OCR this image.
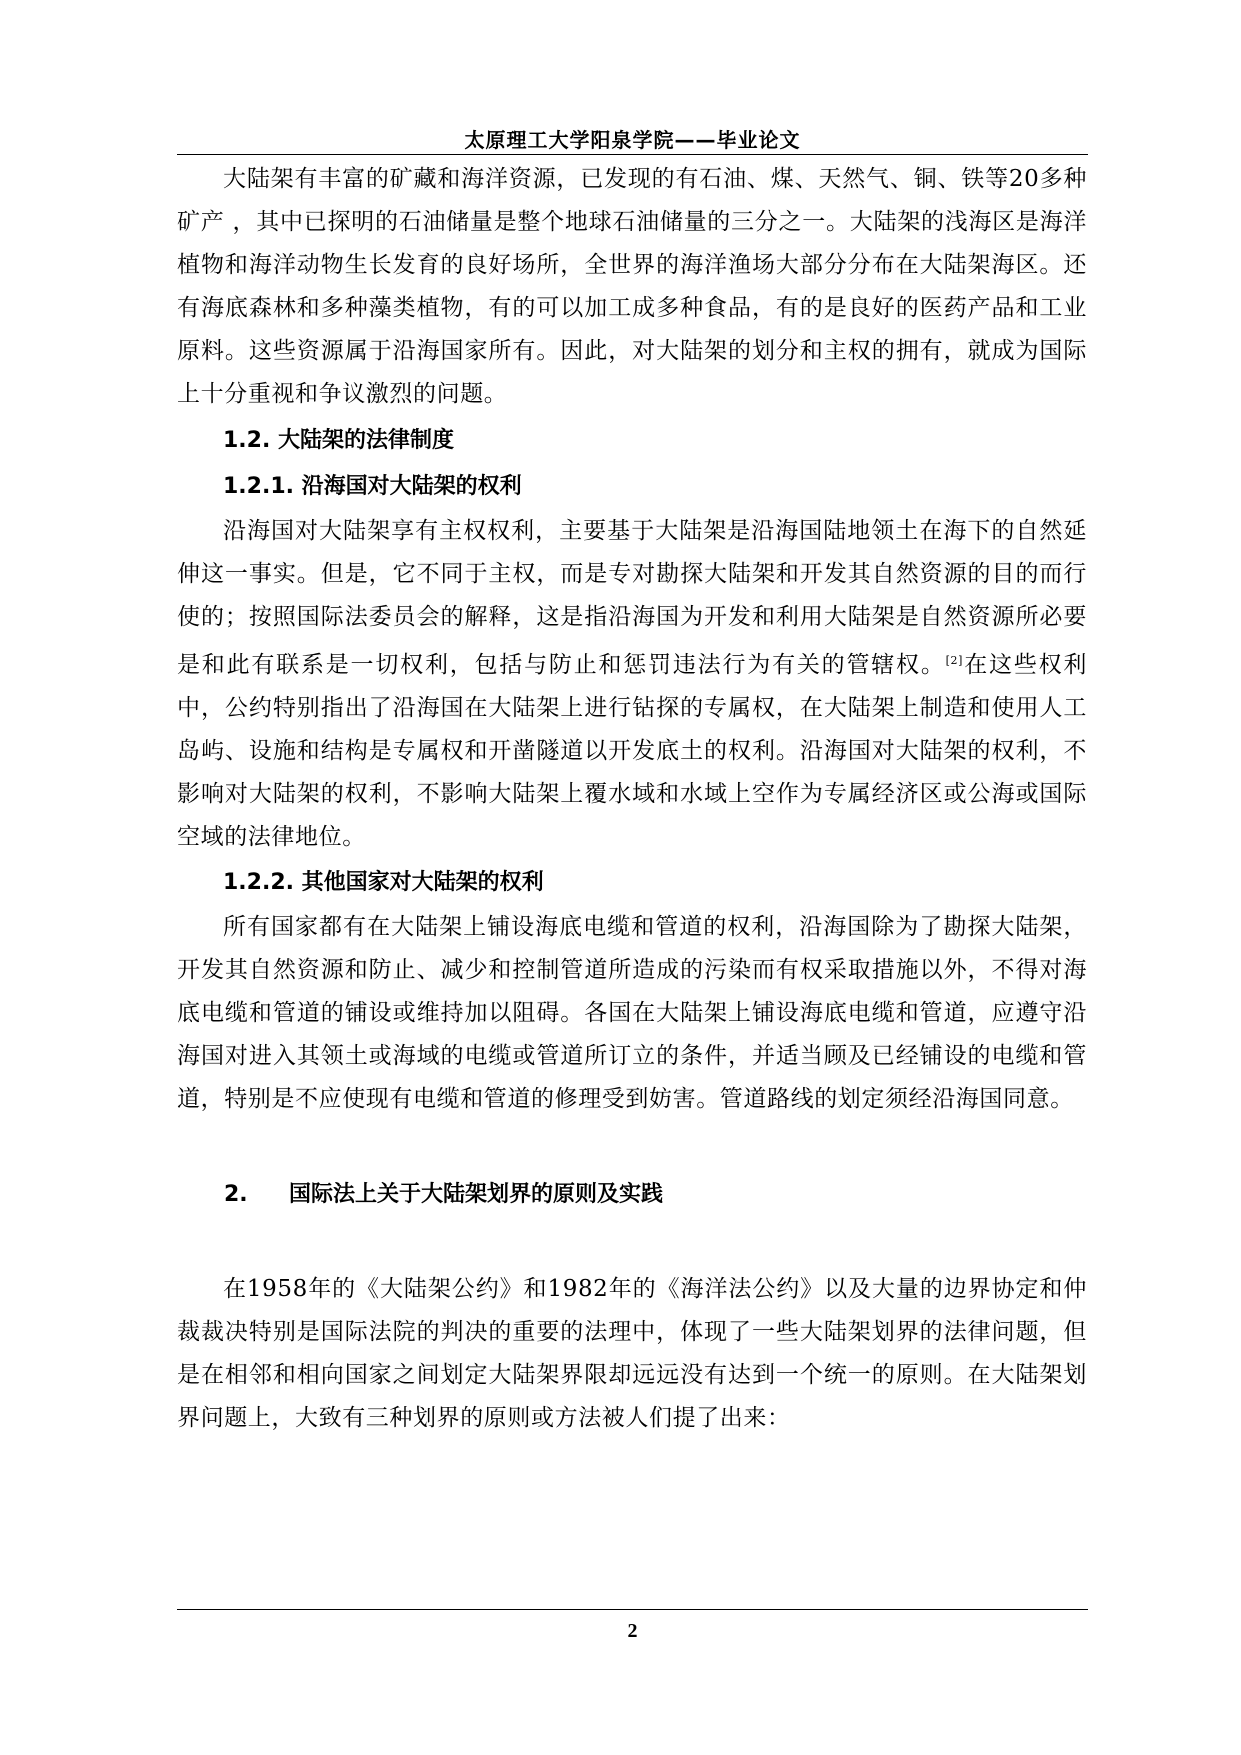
太原理工大学阳泉学院——毕业论文

大陆架有丰富的矿藏和海洋资源，已发现的有石油、煤、天然气、铜、铁等20多种矿产 ，其中已探明的石油储量是整个地球石油储量的三分之一。大陆架的浅海区是海洋植物和海洋动物生长发育的良好场所，全世界的海洋渔场大部分分布在大陆架海区。还有海底森林和多种藻类植物，有的可以加工成多种食品，有的是良好的医药产品和工业原料。这些资源属于沿海国家所有。因此，对大陆架的划分和主权的拥有，就成为国际上十分重视和争议激烈的问题。

1.2. 大陆架的法律制度

1.2.1. 沿海国对大陆架的权利

沿海国对大陆架享有主权权利，主要基于大陆架是沿海国陆地领土在海下的自然延伸这一事实。但是，它不同于主权，而是专对勘探大陆架和开发其自然资源的目的而行使的；按照国际法委员会的解释，这是指沿海国为开发和利用大陆架是自然资源所必要是和此有联系是一切权利，包括与防止和惩罚违法行为有关的管辖权。[2]在这些权利中，公约特别指出了沿海国在大陆架上进行钻探的专属权，在大陆架上制造和使用人工岛屿、设施和结构是专属权和开凿隧道以开发底土的权利。沿海国对大陆架的权利，不影响对大陆架的权利，不影响大陆架上覆水域和水域上空作为专属经济区或公海或国际空域的法律地位。

1.2.2. 其他国家对大陆架的权利

所有国家都有在大陆架上铺设海底电缆和管道的权利，沿海国除为了勘探大陆架，开发其自然资源和防止、减少和控制管道所造成的污染而有权采取措施以外，不得对海底电缆和管道的铺设或维持加以阻碍。各国在大陆架上铺设海底电缆和管道，应遵守沿海国对进入其领土或海域的电缆或管道所订立的条件，并适当顾及已经铺设的电缆和管道，特别是不应使现有电缆和管道的修理受到妨害。管道路线的划定须经沿海国同意。

2. 国际法上关于大陆架划界的原则及实践

在1958年的《大陆架公约》和1982年的《海洋法公约》以及大量的边界协定和仲裁裁决特别是国际法院的判决的重要的法理中，体现了一些大陆架划界的法律问题，但是在相邻和相向国家之间划定大陆架界限却远远没有达到一个统一的原则。在大陆架划界问题上，大致有三种划界的原则或方法被人们提了出来：

2
